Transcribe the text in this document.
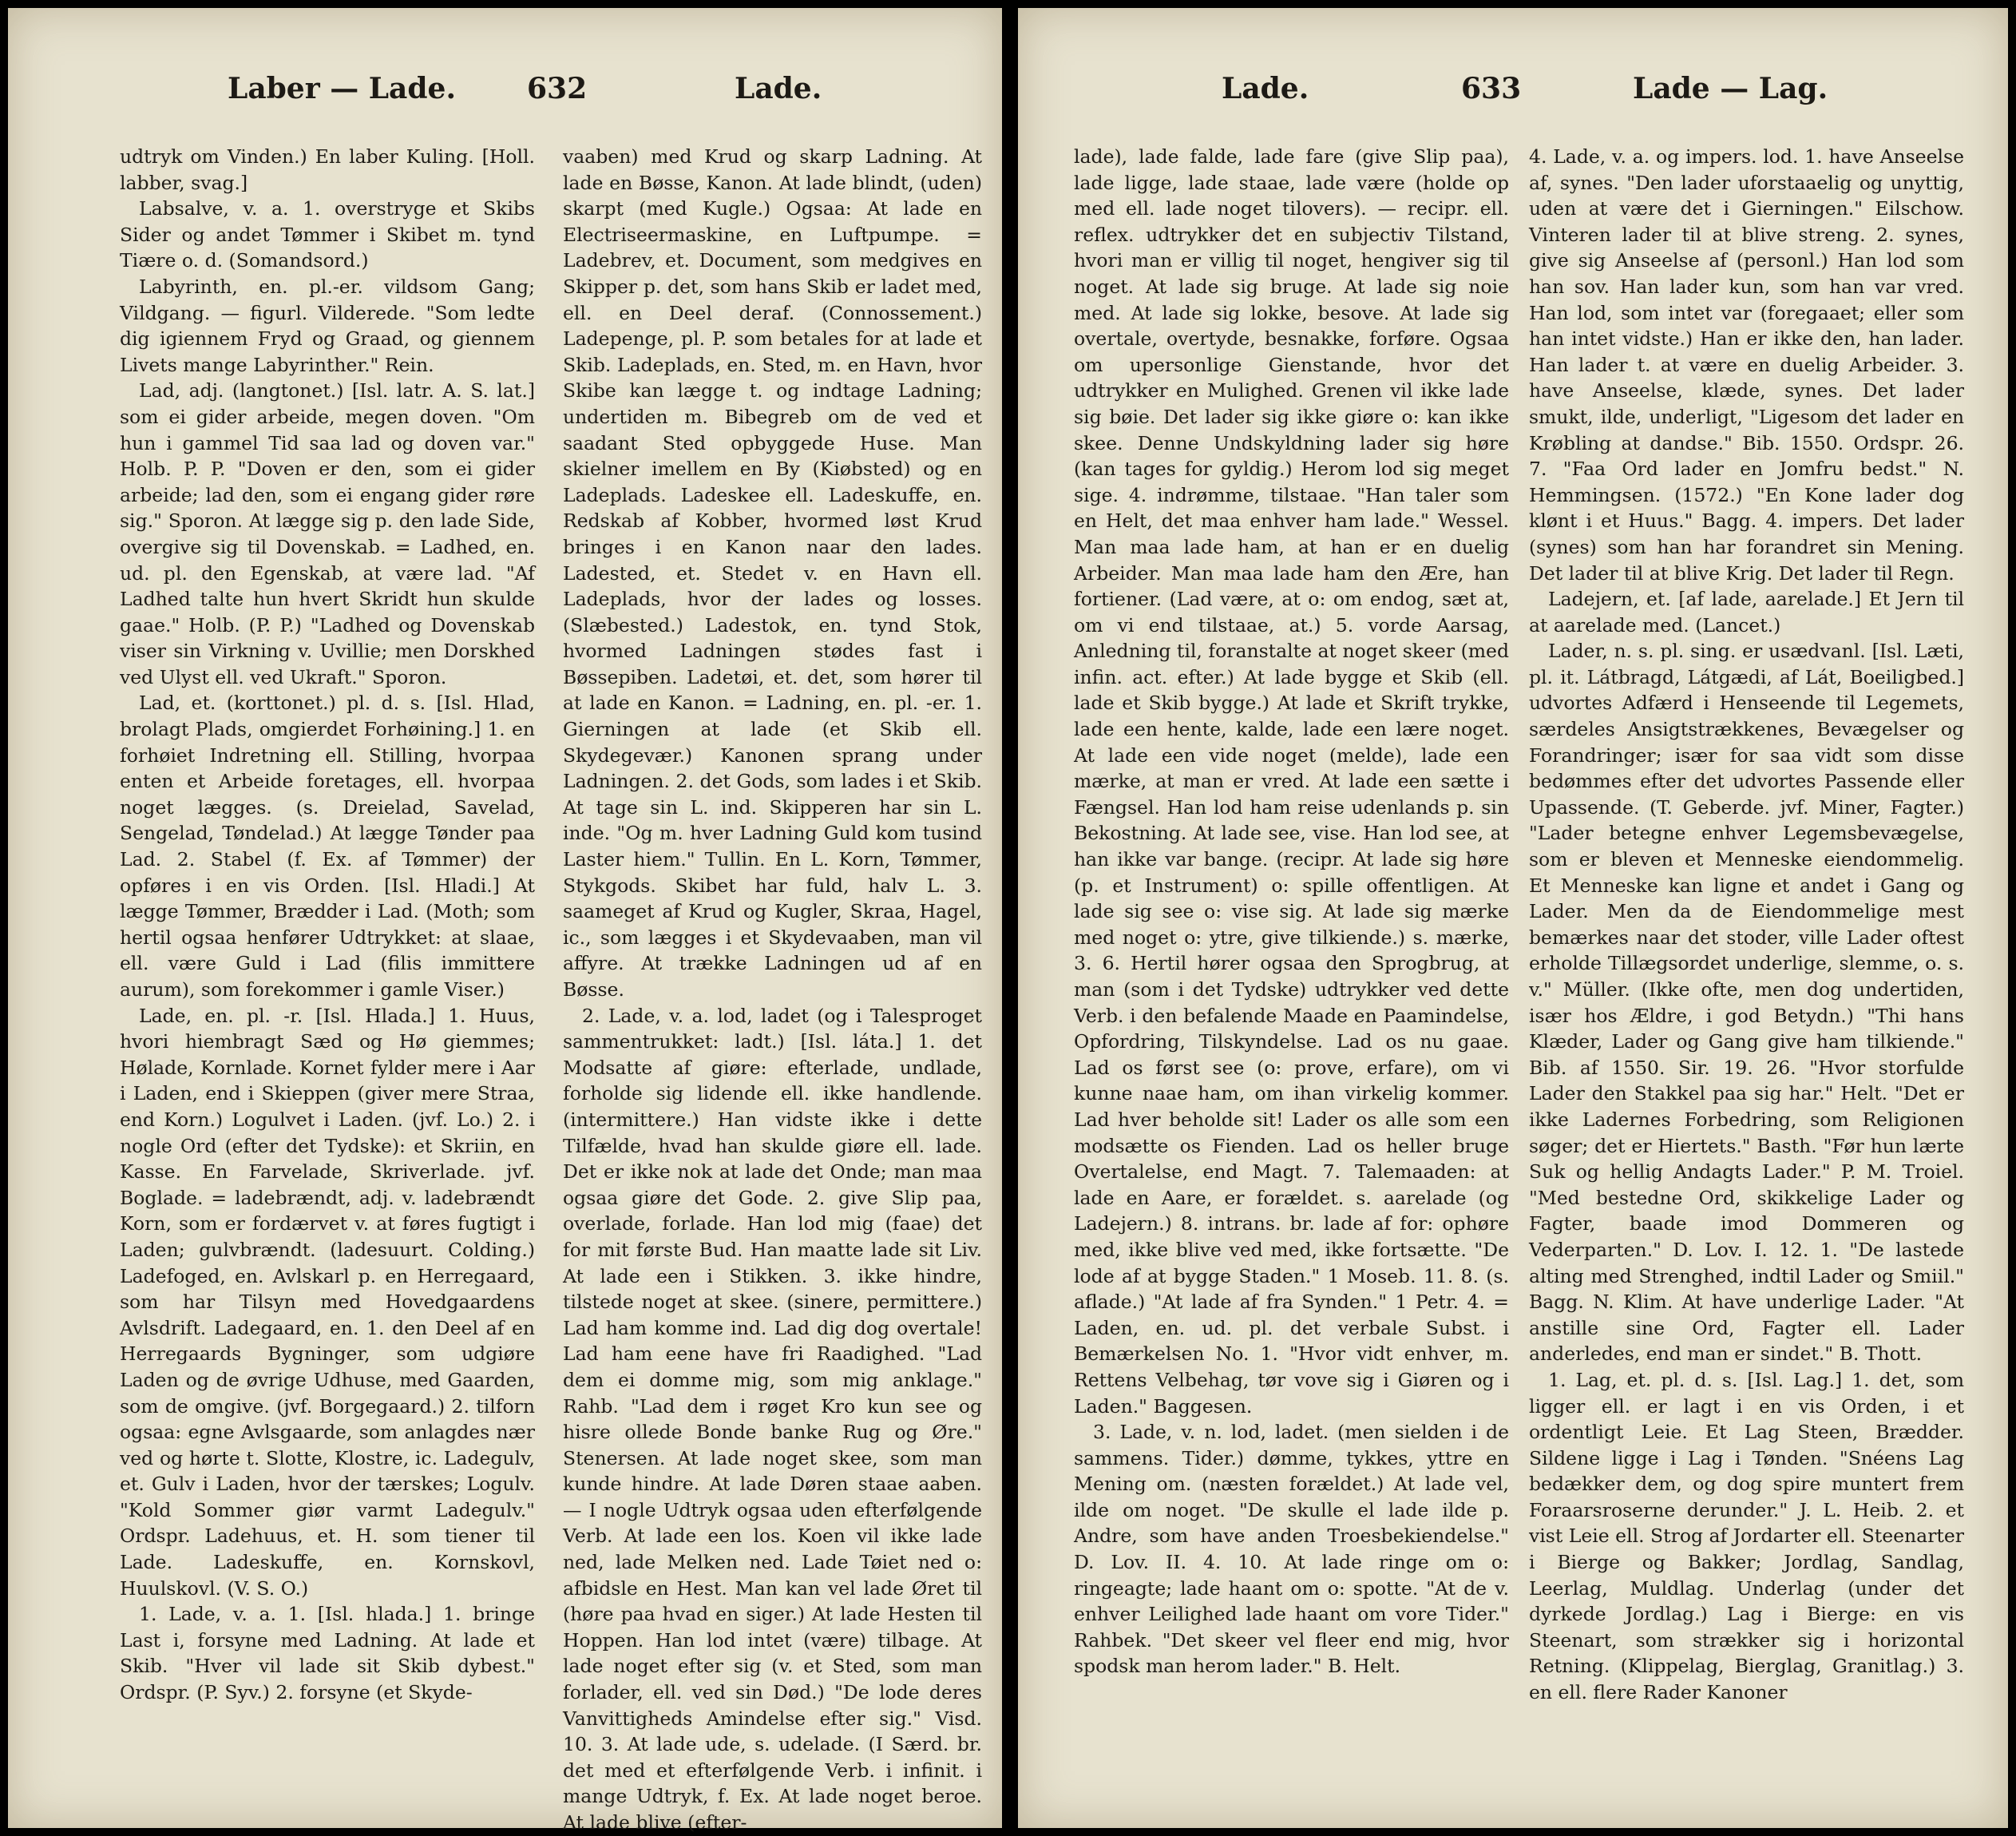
Laber — Lade. 632	Lade.

udtryk om Vinden.) En laber Kuling. [Holl. labber, svag.]

Labsalve, v. a. 1. overstryge et Skibs Sider og andet Tømmer i Skibet m. tynd Tiære o. d. (Somandsord.)

Labyrinth, en. pl.-er. vildsom Gang; Vildgang. — figurl. Vilderede. "Som ledte dig igiennem Fryd og Graad, og giennem Livets mange Labyrinther." Rein.

Lad, adj. (langtonet.) [Isl. latr. A. S. lat.] som ei gider arbeide, megen doven. "Om hun i gammel Tid saa lad og doven var." Holb. P. P. "Doven er den, som ei gider arbeide; lad den, som ei engang gider røre sig." Sporon. At lægge sig p. den lade Side, overgive sig til Dovenskab. = Ladhed, en. ud. pl. den Egenskab, at være lad. "Af Ladhed talte hun hvert Skridt hun skulde gaae." Holb. (P. P.) "Ladhed og Dovenskab viser sin Virkning v. Uvillie; men Dorskhed ved Ulyst ell. ved Ukraft." Sporon.

Lad, et. (korttonet.) pl. d. s. [Isl. Hlad, brolagt Plads, omgierdet Forhøining.] 1. en forhøiet Indretning ell. Stilling, hvorpaa enten et Arbeide foretages, ell. hvorpaa noget lægges. (s. Dreielad, Savelad, Sengelad, Tøndelad.) At lægge Tønder paa Lad. 2. Stabel (f. Ex. af Tømmer) der opføres i en vis Orden. [Isl. Hladi.] At lægge Tømmer, Brædder i Lad. (Moth; som hertil ogsaa henfører Udtrykket: at slaae, ell. være Guld i Lad (filis immittere aurum), som forekommer i gamle Viser.)

Lade, en. pl. -r. [Isl. Hlada.] 1. Huus, hvori hiembragt Sæd og Hø giemmes; Hølade, Kornlade. Kornet fylder mere i Aar i Laden, end i Skieppen (giver mere Straa, end Korn.) Logulvet i Laden. (jvf. Lo.) 2. i nogle Ord (efter det Tydske): et Skriin, en Kasse. En Farvelade, Skriverlade. jvf. Boglade. = ladebrændt, adj. v. ladebrændt Korn, som er fordærvet v. at føres fugtigt i Laden; gulvbrændt. (ladesuurt. Colding.) Ladefoged, en. Avlskarl p. en Herregaard, som har Tilsyn med Hovedgaardens Avlsdrift. Ladegaard, en. 1. den Deel af en Herregaards Bygninger, som udgiøre Laden og de øvrige Udhuse, med Gaarden, som de omgive. (jvf. Borgegaard.) 2. tilforn ogsaa: egne Avlsgaarde, som anlagdes nær ved og hørte t. Slotte, Klostre, ic. Ladegulv, et. Gulv i Laden, hvor der tærskes; Logulv. "Kold Sommer giør varmt Ladegulv." Ordspr. Ladehuus, et. H. som tiener til Lade. Ladeskuffe, en. Kornskovl, Huulskovl. (V. S. O.)

1. Lade, v. a. 1. [Isl. hlada.] 1. bringe Last i, forsyne med Ladning. At lade et Skib. "Hver vil lade sit Skib dybest." Ordspr. (P. Syv.) 2. forsyne (et Skyde-

vaaben) med Krud og skarp Ladning. At lade en Bøsse, Kanon. At lade blindt, (uden) skarpt (med Kugle.) Ogsaa: At lade en Electriseermaskine, en Luftpumpe. = Ladebrev, et. Document, som medgives en Skipper p. det, som hans Skib er ladet med, ell. en Deel deraf. (Connossement.) Ladepenge, pl. P. som betales for at lade et Skib. Ladeplads, en. Sted, m. en Havn, hvor Skibe kan lægge t. og indtage Ladning; undertiden m. Bibegreb om de ved et saadant Sted opbyggede Huse. Man skielner imellem en By (Kiøbsted) og en Ladeplads. Ladeskee ell. Ladeskuffe, en. Redskab af Kobber, hvormed løst Krud bringes i en Kanon naar den lades. Ladested, et. Stedet v. en Havn ell. Ladeplads, hvor der lades og losses. (Slæbested.) Ladestok, en. tynd Stok, hvormed Ladningen stødes fast i Bøssepiben. Ladetøi, et. det, som hører til at lade en Kanon. = Ladning, en. pl. -er. 1. Gierningen at lade (et Skib ell. Skydegevær.) Kanonen sprang under Ladningen. 2. det Gods, som lades i et Skib. At tage sin L. ind. Skipperen har sin L. inde. "Og m. hver Ladning Guld kom tusind Laster hiem." Tullin. En L. Korn, Tømmer, Stykgods. Skibet har fuld, halv L. 3. saameget af Krud og Kugler, Skraa, Hagel, ic., som lægges i et Skydevaaben, man vil affyre. At trække Ladningen ud af en Bøsse.

2. Lade, v. a. lod, ladet (og i Talesproget sammentrukket: ladt.) [Isl. láta.] 1. det Modsatte af giøre: efterlade, undlade, forholde sig lidende ell. ikke handlende. (intermittere.) Han vidste ikke i dette Tilfælde, hvad han skulde giøre ell. lade. Det er ikke nok at lade det Onde; man maa ogsaa giøre det Gode. 2. give Slip paa, overlade, forlade. Han lod mig (faae) det for mit første Bud. Han maatte lade sit Liv. At lade een i Stikken. 3. ikke hindre, tilstede noget at skee. (sinere, permittere.) Lad ham komme ind. Lad dig dog overtale! Lad ham eene have fri Raadighed. "Lad dem ei domme mig, som mig anklage." Rahb. "Lad dem i røget Kro kun see og hisre ollede Bonde banke Rug og Øre." Stenersen. At lade noget skee, som man kunde hindre. At lade Døren staae aaben. — I nogle Udtryk ogsaa uden efterfølgende Verb. At lade een los. Koen vil ikke lade ned, lade Melken ned. Lade Tøiet ned o: afbidsle en Hest. Man kan vel lade Øret til (høre paa hvad en siger.) At lade Hesten til Hoppen. Han lod intet (være) tilbage. At lade noget efter sig (v. et Sted, som man forlader, ell. ved sin Død.) "De lode deres Vanvittigheds Amindelse efter sig." Visd. 10. 3. At lade ude, s. udelade. (I Særd. br. det med et efterfølgende Verb. i infinit. i mange Udtryk, f. Ex. At lade noget beroe. At lade blive (efter-

Lade.	633	Lade — Lag.

lade), lade falde, lade fare (give Slip paa), lade ligge, lade staae, lade være (holde op med ell. lade noget tilovers). — recipr. ell. reflex. udtrykker det en subjectiv Tilstand, hvori man er villig til noget, hengiver sig til noget. At lade sig bruge. At lade sig noie med. At lade sig lokke, besove. At lade sig overtale, overtyde, besnakke, forføre. Ogsaa om upersonlige Gienstande, hvor det udtrykker en Mulighed. Grenen vil ikke lade sig bøie. Det lader sig ikke giøre o: kan ikke skee. Denne Undskyldning lader sig høre (kan tages for gyldig.) Herom lod sig meget sige. 4. indrømme, tilstaae. "Han taler som en Helt, det maa enhver ham lade." Wessel. Man maa lade ham, at han er en duelig Arbeider. Man maa lade ham den Ære, han fortiener. (Lad være, at o: om endog, sæt at, om vi end tilstaae, at.) 5. vorde Aarsag, Anledning til, foranstalte at noget skeer (med infin. act. efter.) At lade bygge et Skib (ell. lade et Skib bygge.) At lade et Skrift trykke, lade een hente, kalde, lade een lære noget. At lade een vide noget (melde), lade een mærke, at man er vred. At lade een sætte i Fængsel. Han lod ham reise udenlands p. sin Bekostning. At lade see, vise. Han lod see, at han ikke var bange. (recipr. At lade sig høre (p. et Instrument) o: spille offentligen. At lade sig see o: vise sig. At lade sig mærke med noget o: ytre, give tilkiende.) s. mærke, 3. 6. Hertil hører ogsaa den Sprogbrug, at man (som i det Tydske) udtrykker ved dette Verb. i den befalende Maade en Paamindelse, Opfordring, Tilskyndelse. Lad os nu gaae. Lad os først see (o: prove, erfare), om vi kunne naae ham, om ihan virkelig kommer. Lad hver beholde sit! Lader os alle som een modsætte os Fienden. Lad os heller bruge Overtalelse, end Magt. 7. Talemaaden: at lade en Aare, er forældet. s. aarelade (og Ladejern.) 8. intrans. br. lade af for: ophøre med, ikke blive ved med, ikke fortsætte. "De lode af at bygge Staden." 1 Mosеb. 11. 8. (s. aflade.) "At lade af fra Synden." 1 Petr. 4. = Laden, en. ud. pl. det verbale Subst. i Bemærkelsen No. 1. "Hvor vidt enhver, m. Rettens Velbehag, tør vove sig i Giøren og i Laden." Baggesen.

3. Lade, v. n. lod, ladet. (men sielden i de sammens. Tider.) dømme, tykkes, yttre en Mening om. (næsten forældet.) At lade vel, ilde om noget. "De skulle el lade ilde p. Andre, som have anden Troesbekiendelse." D. Lov. II. 4. 10. At lade ringe om o: ringeagte; lade haant om o: spotte. "At de v. enhver Leilighed lade haant om vore Tider." Rahbek. "Det skeer vel fleer end mig, hvor spodsk man herom lader." B. Helt.

4. Lade, v. a. og impers. lod. 1. have Anseelse af, synes. "Den lader uforstaaelig og unyttig, uden at være det i Gierningen." Eilschow. Vinteren lader til at blive streng. 2. synes, give sig Anseelse af (personl.) Han lod som han sov. Han lader kun, som han var vred. Han lod, som intet var (foregaaet; eller som han intet vidste.) Han er ikke den, han lader. Han lader t. at være en duelig Arbeider. 3. have Anseelse, klædе, synes. Det lader smukt, ilde, underligt, "Ligesom det lader en Krøbling at dandse." Bib. 1550. Ordspr. 26. 7. "Faa Ord lader en Jomfru bedst." N. Hemmingsen. (1572.) "En Kone lader dog klønt i et Huus." Bagg. 4. impers. Det lader (synes) som han har forandret sin Mening. Det lader til at blive Krig. Det lader til Regn.

Ladejern, et. [af lade, aarelade.] Et Jern til at aarelade med. (Lancet.)

Lader, n. s. pl. sing. er usædvanl. [Isl. Læti, pl. it. Látbragd, Látgædi, af Lát, Boeiligbed.] udvortes Adfærd i Henseende til Legemets, særdeles Ansigtstrækkenes, Bevægelser og Forandringer; især for saa vidt som disse bedømmes efter det udvortes Passende eller Upassende. (T. Geberde. jvf. Miner, Fagter.) "Lader betegne enhver Legemsbevægelse, som er bleven et Menneske eiendommelig. Et Menneske kan ligne et andet i Gang og Lader. Men da de Eiendommelige mest bemærkes naar det stoder, ville Lader oftest erholde Tillægsordet underlige, slemme, o. s. v." Müller. (Ikke ofte, men dog undertiden, især hos Ældre, i god Betydn.) "Thi hans Klæder, Lader og Gang give ham tilkiende." Bib. af 1550. Sir. 19. 26. "Hvor storfulde Lader den Stakkel paa sig har." Helt. "Det er ikke Ladernes Forbedring, som Religionen søger; det er Hiertets." Basth. "Før hun lærte Suk og hellig Andagts Lader." P. M. Troiel. "Med bestedne Ord, skikkelige Lader og Fagter, baade imod Dommeren og Vederparten." D. Lov. I. 12. 1. "De lastede alting med Strenghed, indtil Lader og Smiil." Bagg. N. Klim. At have underlige Lader. "At anstille sine Ord, Fagter ell. Lader anderledes, end man er sindet." B. Thott.

1. Lag, et. pl. d. s. [Isl. Lag.] 1. det, som ligger ell. er lagt i en vis Orden, i et ordentligt Leie. Et Lag Steen, Brædder. Sildene ligge i Lag i Tønden. "Snéens Lag bedækker dem, og dog spire muntert frem Foraarsroserne derunder." J. L. Heib. 2. et vist Leie ell. Strog af Jordarter ell. Steenarter i Bierge og Bakker; Jordlag, Sandlag, Leerlag, Muldlag. Underlag (under det dyrkede Jordlag.) Lag i Bierge: en vis Steenart, som strækker sig i horizontal Retning. (Klippelag, Bierglag, Granitlag.) 3. en ell. flere Rader Kanoner
